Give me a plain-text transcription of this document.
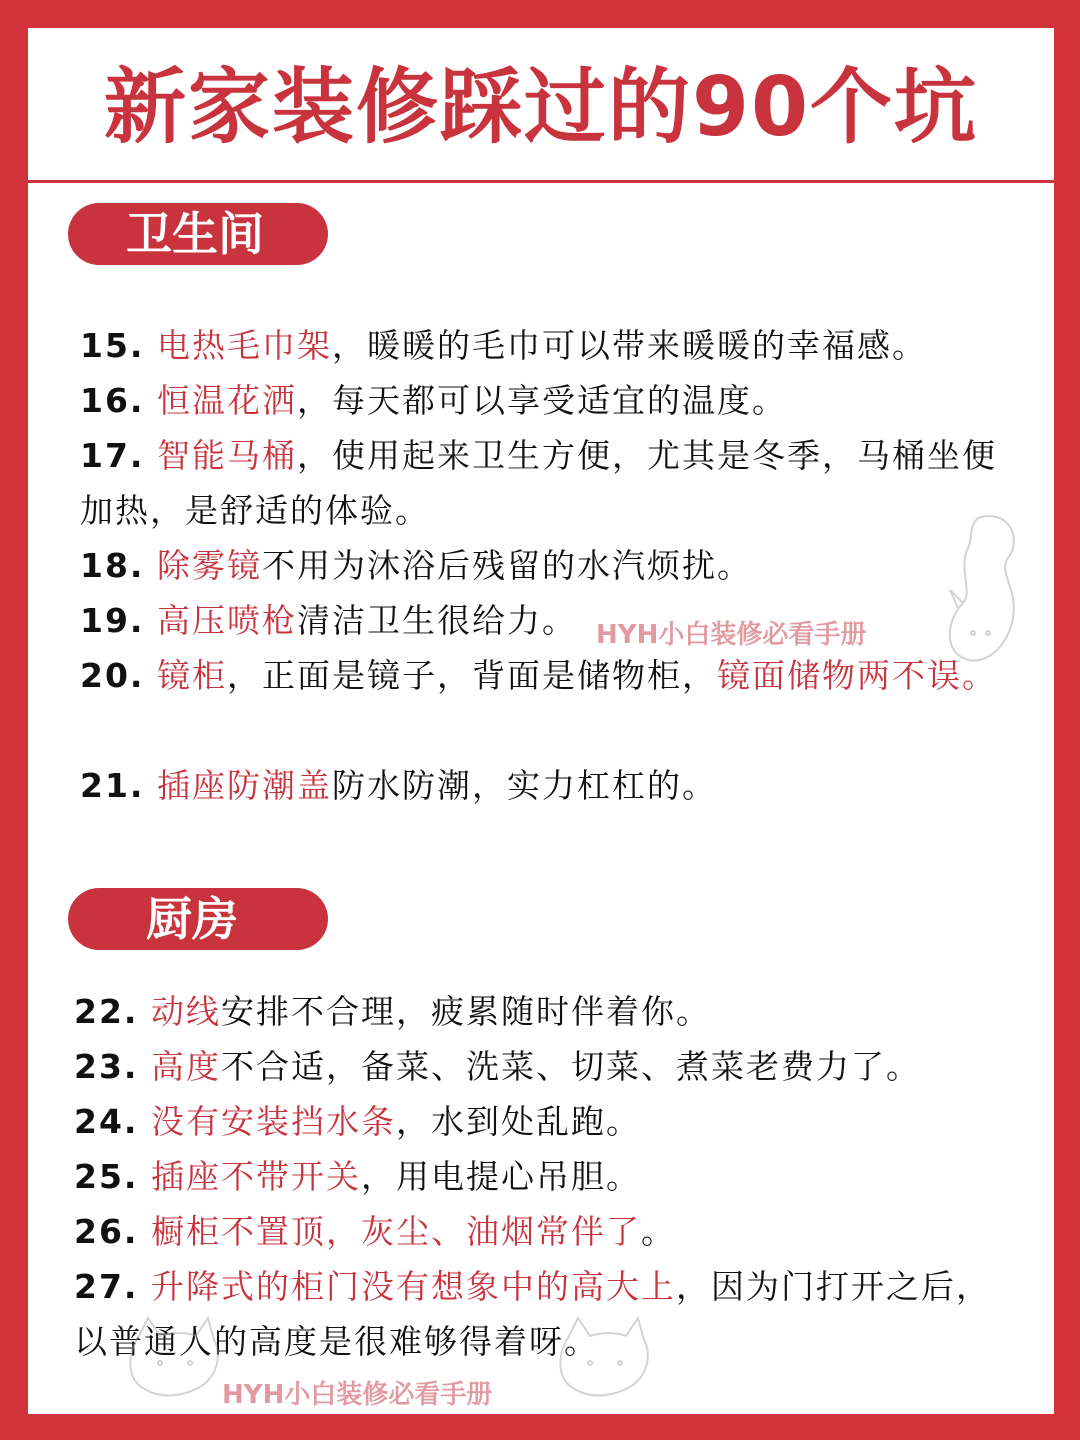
新家装修踩过的90个坑
卫生间

15. 电热毛巾架，暖暖的毛巾可以带来暖暖的幸福感。

16. 恒温花洒，每天都可以享受适宜的温度。

17. 智能马桶，使用起来卫生方便，尤其是冬季，马桶坐便加热，是舒适的体验。

18. 除雾镜不用为沐浴后残留的水汽烦扰。

19. 高压喷枪清洁卫生很给力。

20. 镜柜，正面是镜子，背面是储物柜，镜面储物两不误。

21. 插座防潮盖防水防潮，实力杠杠的。

厨房

22. 动线安排不合理，疲累随时伴着你。

23. 高度不合适，备菜、洗菜、切菜、煮菜老费力了。

24. 没有安装挡水条，水到处乱跑。

25. 插座不带开关，用电提心吊胆。

26. 橱柜不置顶，灰尘、油烟常伴了。

27. 升降式的柜门没有想象中的高大上，因为门打开之后，以普通人的高度是很难够得着呀。

HYH小白装修必看手册
HYH小白装修必看手册
